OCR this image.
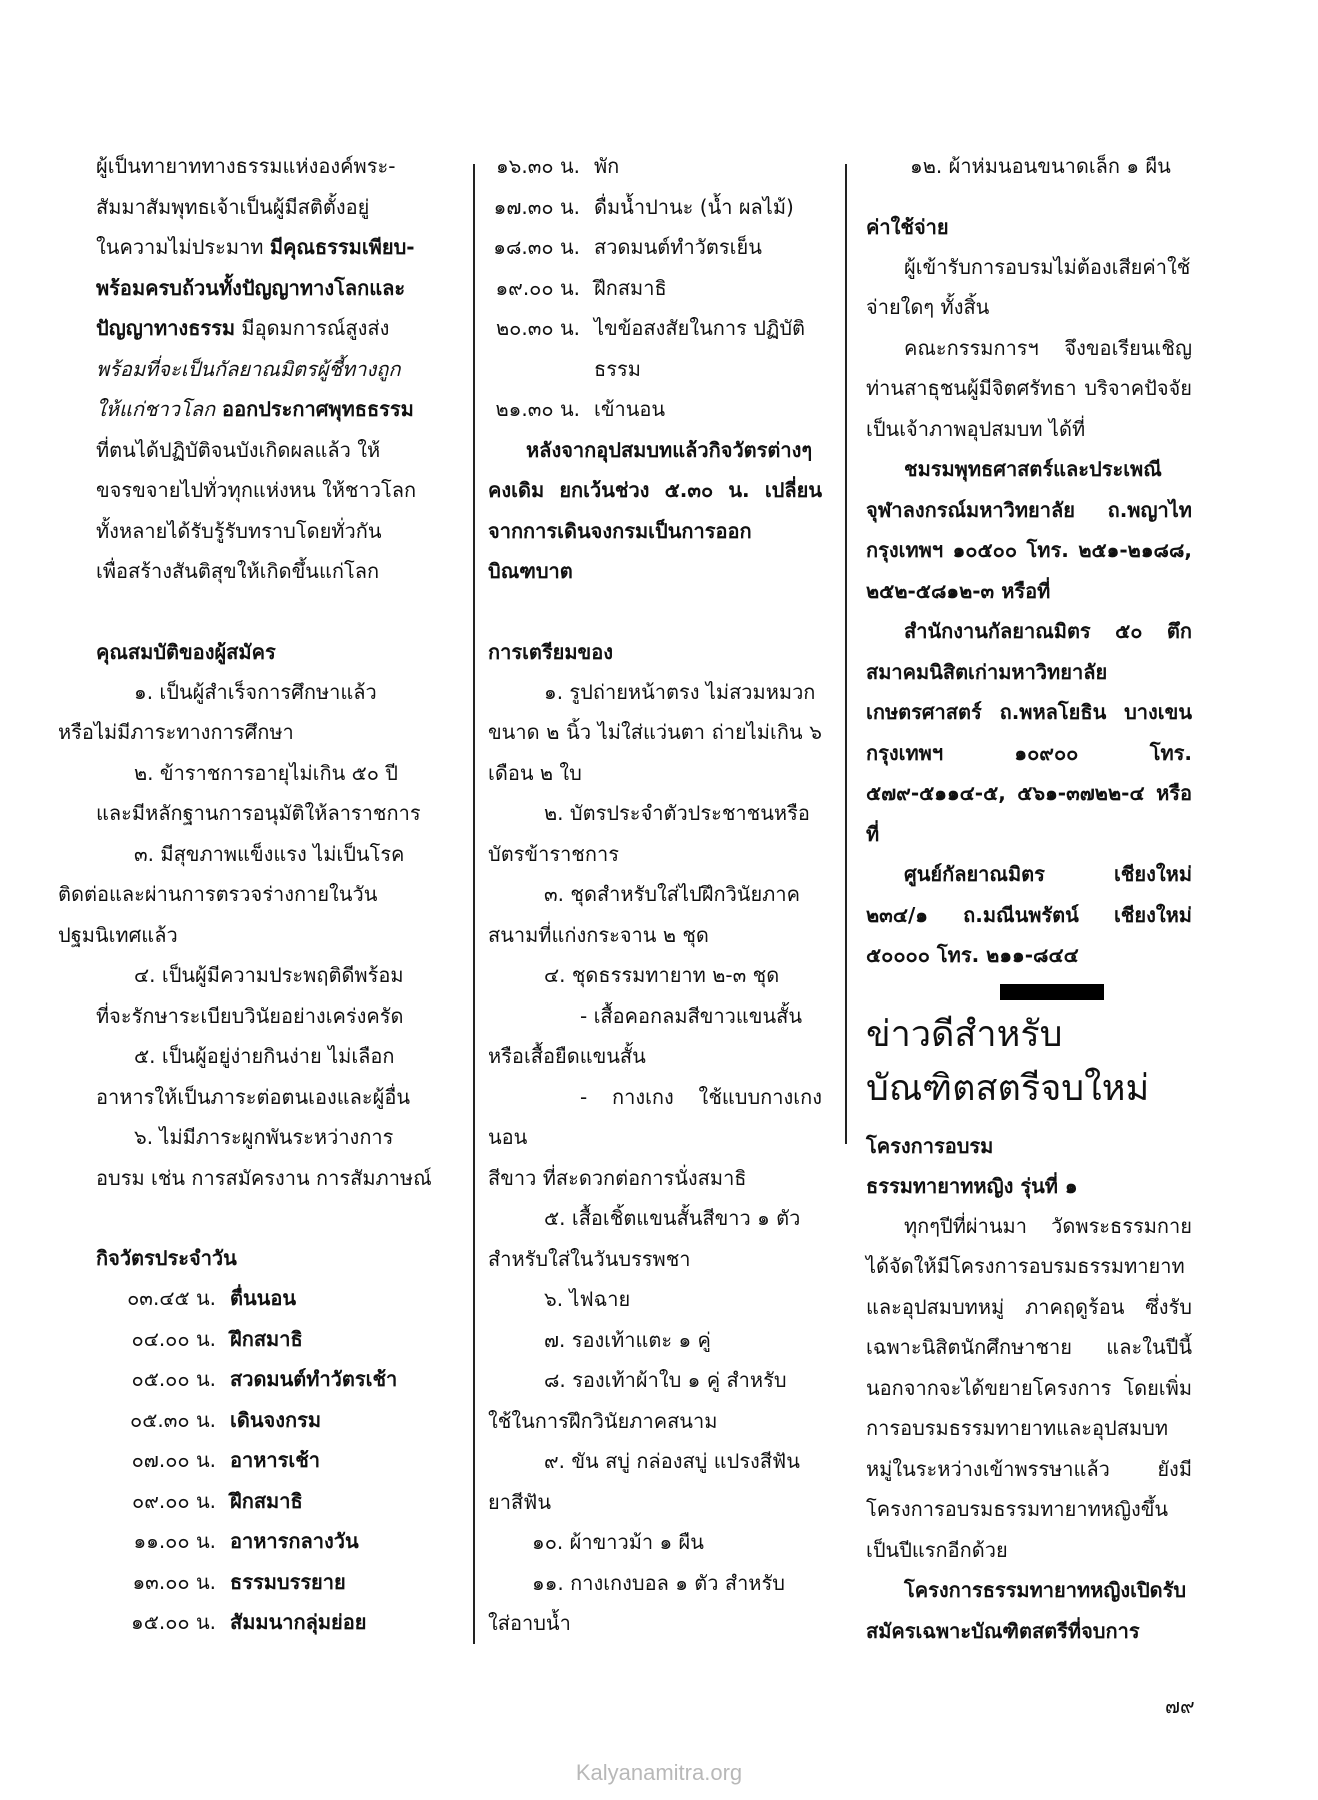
ผู้เป็นทายาททางธรรมแห่งองค์พระ-

สัมมาสัมพุทธเจ้าเป็นผู้มีสติตั้งอยู่

ในความไม่ประมาท มีคุณธรรมเพียบ-

พร้อมครบถ้วนทั้งปัญญาทางโลกและ

ปัญญาทางธรรม มีอุดมการณ์สูงส่ง

พร้อมที่จะเป็นกัลยาณมิตรผู้ชี้ทางถูก

ให้แก่ชาวโลก ออกประกาศพุทธธรรม

ที่ตนได้ปฏิบัติจนบังเกิดผลแล้ว ให้

ขจรขจายไปทั่วทุกแห่งหน ให้ชาวโลก

ทั้งหลายได้รับรู้รับทราบโดยทั่วกัน

เพื่อสร้างสันติสุขให้เกิดขึ้นแก่โลก

คุณสมบัติของผู้สมัคร

๑. เป็นผู้สำเร็จการศึกษาแล้ว
หรือไม่มีภาระทางการศึกษา

๒. ข้าราชการอายุไม่เกิน ๕๐ ปี
และมีหลักฐานการอนุมัติให้ลาราชการ

๓. มีสุขภาพแข็งแรง ไม่เป็นโรค
ติดต่อและผ่านการตรวจร่างกายในวัน ปฐมนิเทศแล้ว

๔. เป็นผู้มีความประพฤติดีพร้อม
ที่จะรักษาระเบียบวินัยอย่างเคร่งครัด

๕. เป็นผู้อยู่ง่ายกินง่าย ไม่เลือก
อาหารให้เป็นภาระต่อตนเองและผู้อื่น

๖. ไม่มีภาระผูกพันระหว่างการ
อบรม เช่น การสมัครงาน การสัมภาษณ์

กิจวัตรประจำวัน
๐๓.๔๕ น. ตื่นนอน
๐๔.๐๐ น. ฝึกสมาธิ
๐๕.๐๐ น. สวดมนต์ทำวัตรเช้า
๐๕.๓๐ น. เดินจงกรม
๐๗.๐๐ น. อาหารเช้า
๐๙.๐๐ น. ฝึกสมาธิ
๑๑.๐๐ น. อาหารกลางวัน
๑๓.๐๐ น. ธรรมบรรยาย
๑๕.๐๐ น. สัมมนากลุ่มย่อย
๑๖.๓๐ น. พัก
๑๗.๓๐ น. ดื่มน้ำปานะ (น้ำ ผลไม้)
๑๘.๓๐ น. สวดมนต์ทำวัตรเย็น
๑๙.๐๐ น. ฝึกสมาธิ
๒๐.๓๐ น. ไขข้อสงสัยในการ ปฏิบัติธรรม
๒๑.๓๐ น. เข้านอน

หลังจากอุปสมบทแล้วกิจวัตรต่างๆ คงเดิม ยกเว้นช่วง ๕.๓๐ น. เปลี่ยนจากการเดินจงกรมเป็นการออกบิณฑบาต

การเตรียมของ

๑. รูปถ่ายหน้าตรง ไม่สวมหมวก
ขนาด ๒ นิ้ว ไม่ใส่แว่นตา ถ่ายไม่เกิน ๖ เดือน ๒ ใบ

๒. บัตรประจำตัวประชาชนหรือ
บัตรข้าราชการ

๓. ชุดสำหรับใส่ไปฝึกวินัยภาค
สนามที่แก่งกระจาน ๒ ชุด

๔. ชุดธรรมทายาท ๒-๓ ชุด

- เสื้อคอกลมสีขาวแขนสั้น
หรือเสื้อยืดแขนสั้น

- กางเกง ใช้แบบกางเกงนอน
สีขาว ที่สะดวกต่อการนั่งสมาธิ

๕. เสื้อเชิ้ตแขนสั้นสีขาว ๑ ตัว
สำหรับใส่ในวันบรรพชา

๖. ไฟฉาย

๗. รองเท้าแตะ ๑ คู่

๘. รองเท้าผ้าใบ ๑ คู่ สำหรับ
ใช้ในการฝึกวินัยภาคสนาม

๙. ขัน สบู่ กล่องสบู่ แปรงสีฟัน
ยาสีฟัน

๑๐. ผ้าขาวม้า ๑ ผืน

๑๑. กางเกงบอล ๑ ตัว สำหรับ
ใส่อาบน้ำ

๑๒. ผ้าห่มนอนขนาดเล็ก ๑ ผืน

ค่าใช้จ่าย

ผู้เข้ารับการอบรมไม่ต้องเสียค่าใช้จ่ายใดๆ ทั้งสิ้น

คณะกรรมการฯ จึงขอเรียนเชิญท่านสาธุชนผู้มีจิตศรัทธา บริจาคปัจจัยเป็นเจ้าภาพอุปสมบท ได้ที่

ชมรมพุทธศาสตร์และประเพณีจุฬาลงกรณ์มหาวิทยาลัย ถ.พญาไท กรุงเทพฯ ๑๐๕๐๐ โทร. ๒๕๑-๒๑๘๘, ๒๕๒-๕๘๑๒-๓ หรือที่

สำนักงานกัลยาณมิตร ๕๐ ตึกสมาคมนิสิตเก่ามหาวิทยาลัยเกษตรศาสตร์ ถ.พหลโยธิน บางเขน กรุงเทพฯ ๑๐๙๐๐ โทร. ๕๗๙-๕๑๑๔-๕, ๕๖๑-๓๗๒๒-๔ หรือที่

ศูนย์กัลยาณมิตร เชียงใหม่ ๒๓๔/๑ ถ.มณีนพรัตน์ เชียงใหม่ ๕๐๐๐๐ โทร. ๒๑๑-๘๔๔

ข่าวดีสำหรับ
บัณฑิตสตรีจบใหม่
โครงการอบรม
ธรรมทายาทหญิง รุ่นที่ ๑

ทุกๆปีที่ผ่านมา วัดพระธรรมกายได้จัดให้มีโครงการอบรมธรรมทายาท และอุปสมบทหมู่ ภาคฤดูร้อน ซึ่งรับเฉพาะนิสิตนักศึกษาชาย และในปีนี้นอกจากจะได้ขยายโครงการ โดยเพิ่มการอบรมธรรมทายาทและอุปสมบทหมู่ในระหว่างเข้าพรรษาแล้ว ยังมีโครงการอบรมธรรมทายาทหญิงขึ้นเป็นปีแรกอีกด้วย

โครงการธรรมทายาทหญิงเปิดรับสมัครเฉพาะบัณฑิตสตรีที่จบการ

๗๙
Kalyanamitra.org
